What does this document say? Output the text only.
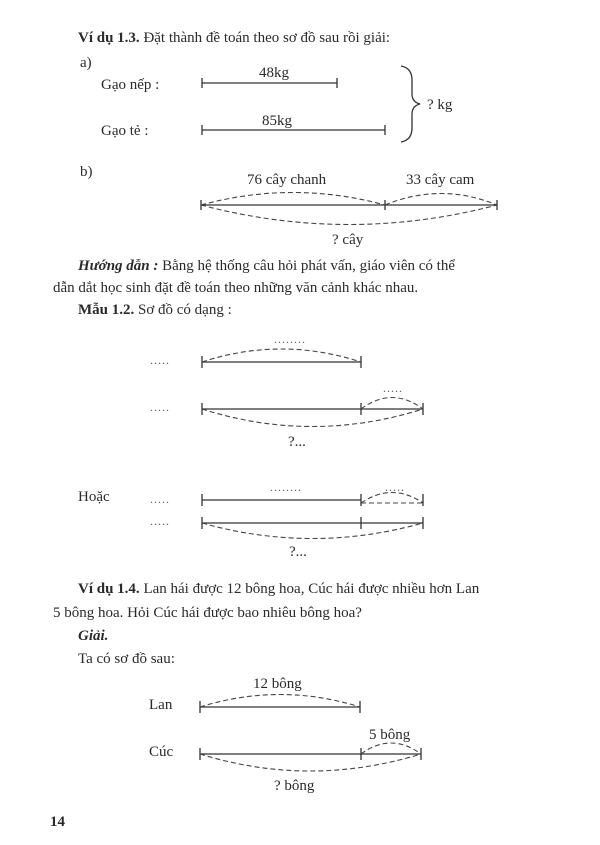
Ví dụ 1.3. Đặt thành đề toán theo sơ đồ sau rồi giải:
a)
Gạo nếp :
48kg
Gạo tẻ :
85kg
? kg
b)	76 cây chanh	33 cây cam
? cây
Hướng dẫn : Bằng hệ thống câu hỏi phát vấn, giáo viên có thể
dẫn dắt học sinh đặt đề toán theo những văn cảnh khác nhau.
Mẫu 1.2. Sơ đồ có dạng :
.....
........
.....
.....
?...
Hoặc	.....
........	.....
.....
?...
Ví dụ 1.4. Lan hái được 12 bông hoa, Cúc hái được nhiều hơn Lan
5 bông hoa. Hỏi Cúc hái được bao nhiêu bông hoa?
Giải.
Ta có sơ đồ sau:
Lan
12 bông
Cúc
5 bông
? bông
14
